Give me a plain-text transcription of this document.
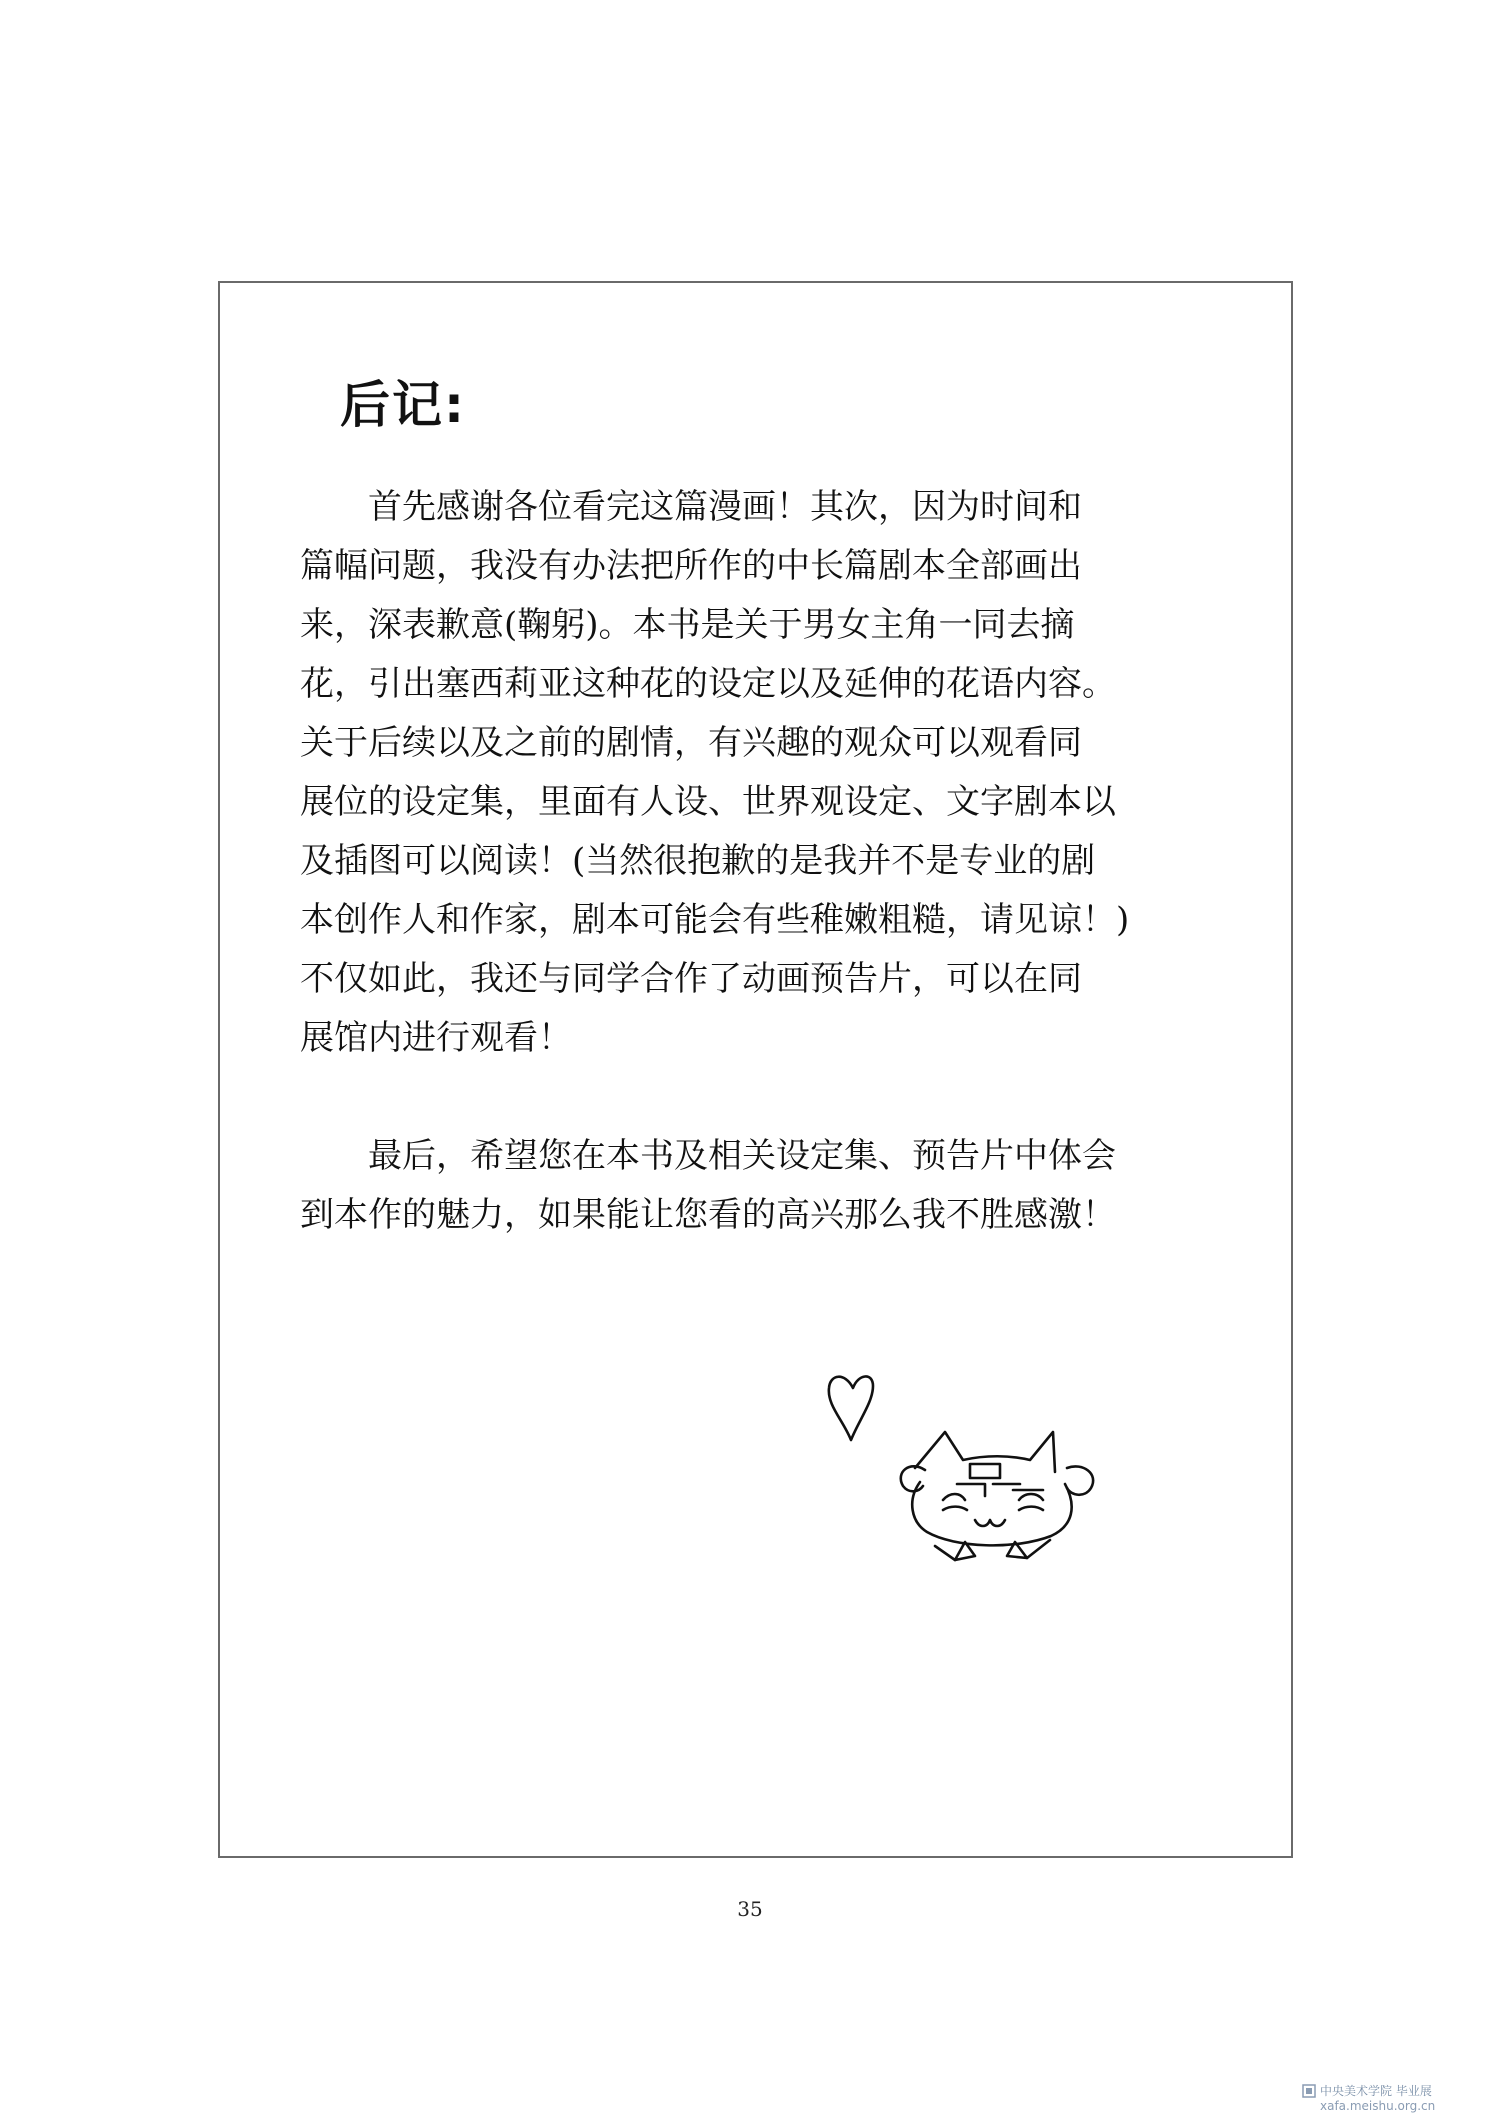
后记:
首先感谢各位看完这篇漫画！其次，因为时间和
篇幅问题，我没有办法把所作的中长篇剧本全部画出
来，深表歉意(鞠躬)。本书是关于男女主角一同去摘
花，引出塞西莉亚这种花的设定以及延伸的花语内容。
关于后续以及之前的剧情，有兴趣的观众可以观看同
展位的设定集，里面有人设、世界观设定、文字剧本以
及插图可以阅读！(当然很抱歉的是我并不是专业的剧
本创作人和作家，剧本可能会有些稚嫩粗糙，请见谅！)
不仅如此，我还与同学合作了动画预告片，可以在同
展馆内进行观看！
最后，希望您在本书及相关设定集、预告片中体会
到本作的魅力，如果能让您看的高兴那么我不胜感激！
35
中央美术学院 毕业展
xafa.meishu.org.cn
